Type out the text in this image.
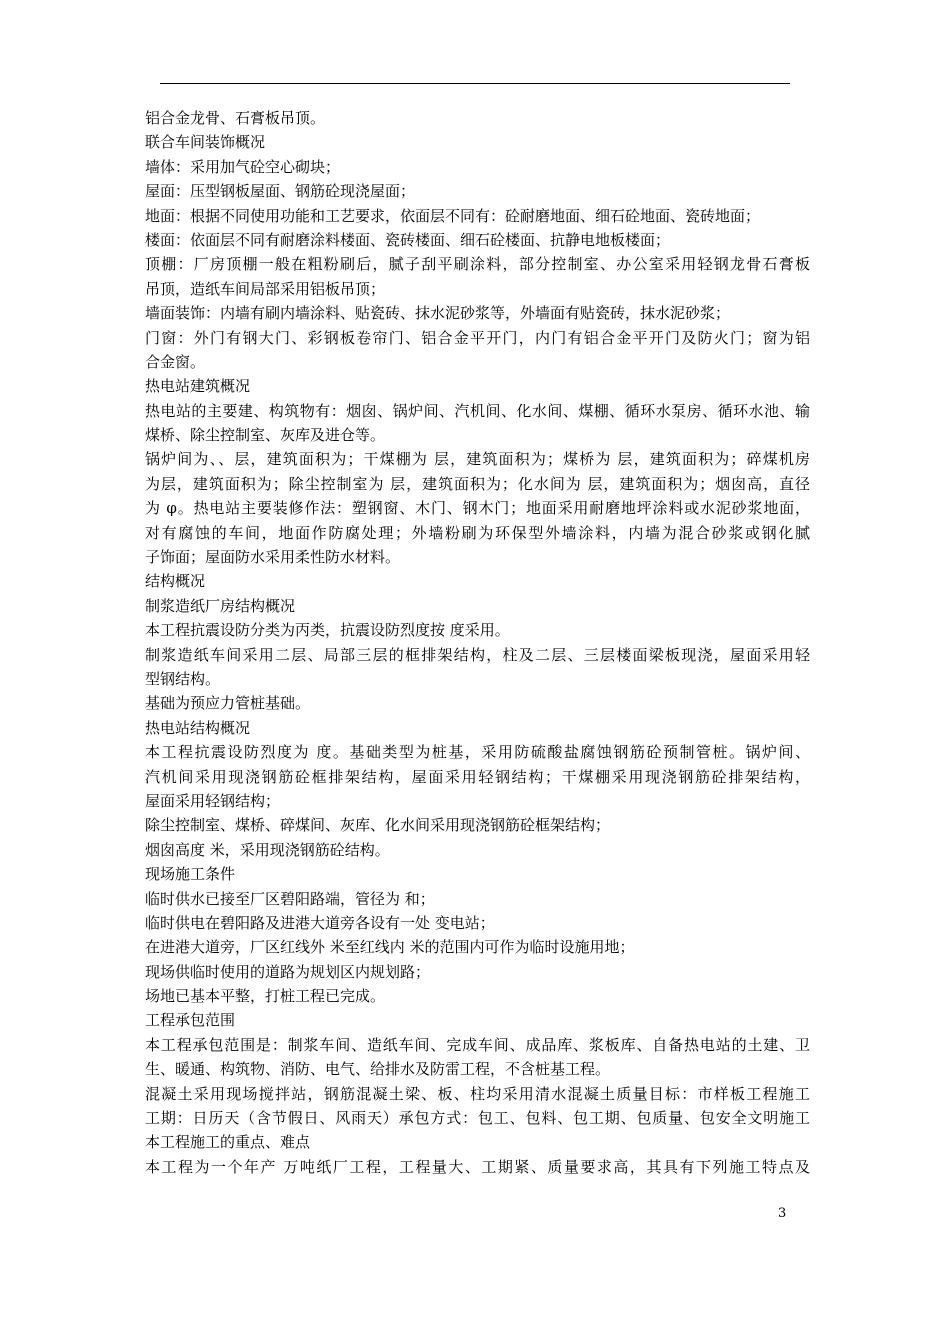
铝合金龙骨、石膏板吊顶。
联合车间装饰概况
墙体：采用加气砼空心砌块；
屋面：压型钢板屋面、钢筋砼现浇屋面；
地面：根据不同使用功能和工艺要求，依面层不同有：砼耐磨地面、细石砼地面、瓷砖地面；
楼面：依面层不同有耐磨涂料楼面、瓷砖楼面、细石砼楼面、抗静电地板楼面；
顶棚：厂房顶棚一般在粗粉刷后，腻子刮平刷涂料，部分控制室、办公室采用轻钢龙骨石膏板
吊顶，造纸车间局部采用铝板吊顶；
墙面装饰：内墙有刷内墙涂料、贴瓷砖、抹水泥砂浆等，外墙面有贴瓷砖，抹水泥砂浆；
门窗：外门有钢大门、彩钢板卷帘门、铝合金平开门，内门有铝合金平开门及防火门；窗为铝
合金窗。
热电站建筑概况
热电站的主要建、构筑物有：烟囱、锅炉间、汽机间、化水间、煤棚、循环水泵房、循环水池、输
煤桥、除尘控制室、灰库及进仓等。
锅炉间为、、层，建筑面积为；干煤棚为 层，建筑面积为；煤桥为 层，建筑面积为；碎煤机房
为层，建筑面积为；除尘控制室为 层，建筑面积为；化水间为 层，建筑面积为；烟囱高，直径
为 φ。热电站主要装修作法：塑钢窗、木门、钢木门；地面采用耐磨地坪涂料或水泥砂浆地面，
对有腐蚀的车间，地面作防腐处理；外墙粉刷为环保型外墙涂料，内墙为混合砂浆或钢化腻
子饰面；屋面防水采用柔性防水材料。
结构概况
制浆造纸厂房结构概况
本工程抗震设防分类为丙类，抗震设防烈度按 度采用。
制浆造纸车间采用二层、局部三层的框排架结构，柱及二层、三层楼面梁板现浇，屋面采用轻
型钢结构。
基础为预应力管桩基础。
热电站结构概况
本工程抗震设防烈度为 度。基础类型为桩基，采用防硫酸盐腐蚀钢筋砼预制管桩。锅炉间、
汽机间采用现浇钢筋砼框排架结构，屋面采用轻钢结构；干煤棚采用现浇钢筋砼排架结构，
屋面采用轻钢结构；
除尘控制室、煤桥、碎煤间、灰库、化水间采用现浇钢筋砼框架结构；
烟囱高度 米，采用现浇钢筋砼结构。
现场施工条件
临时供水已接至厂区碧阳路端，管径为 和；
临时供电在碧阳路及进港大道旁各设有一处 变电站；
在进港大道旁，厂区红线外 米至红线内 米的范围内可作为临时设施用地；
现场供临时使用的道路为规划区内规划路；
场地已基本平整，打桩工程已完成。
工程承包范围
本工程承包范围是：制浆车间、造纸车间、完成车间、成品库、浆板库、自备热电站的土建、卫
生、暖通、构筑物、消防、电气、给排水及防雷工程，不含桩基工程。
混凝土采用现场搅拌站，钢筋混凝土梁、板、柱均采用清水混凝土质量目标：市样板工程施工
工期：日历天（含节假日、风雨天）承包方式：包工、包料、包工期、包质量、包安全文明施工
本工程施工的重点、难点
本工程为一个年产 万吨纸厂工程，工程量大、工期紧、质量要求高，其具有下列施工特点及
3
